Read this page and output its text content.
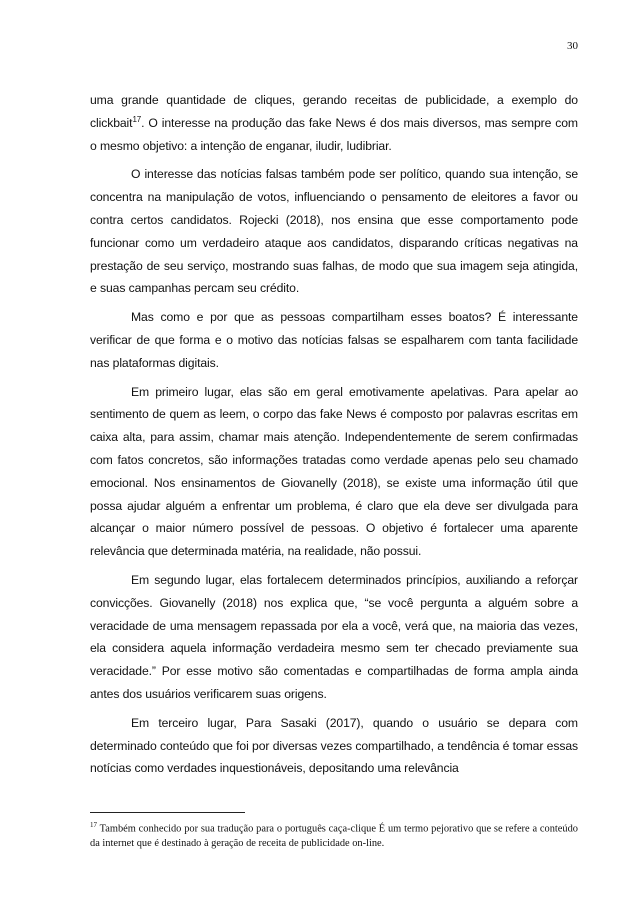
30

uma grande quantidade de cliques, gerando receitas de publicidade, a exemplo do clickbait$^{17}$. O interesse na produção das fake News é dos mais diversos, mas sempre com o mesmo objetivo: a intenção de enganar, iludir, ludibriar.

O interesse das notícias falsas também pode ser político, quando sua intenção, se concentra na manipulação de votos, influenciando o pensamento de eleitores a favor ou contra certos candidatos. Rojecki (2018), nos ensina que esse comportamento pode funcionar como um verdadeiro ataque aos candidatos, disparando críticas negativas na prestação de seu serviço, mostrando suas falhas, de modo que sua imagem seja atingida, e suas campanhas percam seu crédito.

Mas como e por que as pessoas compartilham esses boatos? É interessante verificar de que forma e o motivo das notícias falsas se espalharem com tanta facilidade nas plataformas digitais.

Em primeiro lugar, elas são em geral emotivamente apelativas. Para apelar ao sentimento de quem as leem, o corpo das fake News é composto por palavras escritas em caixa alta, para assim, chamar mais atenção. Independentemente de serem confirmadas com fatos concretos, são informações tratadas como verdade apenas pelo seu chamado emocional. Nos ensinamentos de Giovanelly (2018), se existe uma informação útil que possa ajudar alguém a enfrentar um problema, é claro que ela deve ser divulgada para alcançar o maior número possível de pessoas. O objetivo é fortalecer uma aparente relevância que determinada matéria, na realidade, não possui.

Em segundo lugar, elas fortalecem determinados princípios, auxiliando a reforçar convicções. Giovanelly (2018) nos explica que, “se você pergunta a alguém sobre a veracidade de uma mensagem repassada por ela a você, verá que, na maioria das vezes, ela considera aquela informação verdadeira mesmo sem ter checado previamente sua veracidade.” Por esse motivo são comentadas e compartilhadas de forma ampla ainda antes dos usuários verificarem suas origens.

Em terceiro lugar, Para Sasaki (2017), quando o usuário se depara com determinado conteúdo que foi por diversas vezes compartilhado, a tendência é tomar essas notícias como verdades inquestionáveis, depositando uma relevância

$^{17}$ Também conhecido por sua tradução para o português caça-clique É um termo pejorativo que se refere a conteúdo da internet que é destinado à geração de receita de publicidade on-line.
